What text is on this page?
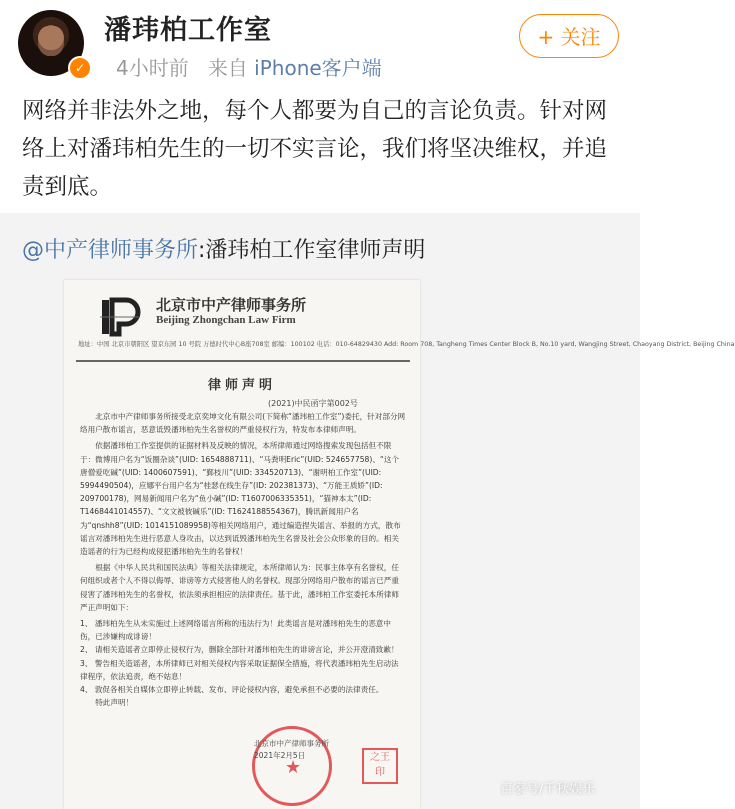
✓
潘玮柏工作室
4小时前 来自 iPhone客户端
+ 关注
网络并非法外之地，每个人都要为自己的言论负责。针对网络上对潘玮柏先生的一切不实言论，我们将坚决维权，并追责到底。
@中产律师事务所:潘玮柏工作室律师声明
北京市中产律师事务所
Beijing Zhongchan Law Firm
地址：中国 北京市朝阳区 望京东园 10 号院 万德时代中心B座708室 邮编：100102 电话：010-64829430 Add: Room 708, Tangheng Times Center Block B, No.10 yard, Wangjing Street, Chaoyang District, Beijing China
律师声明
(2021)中民函字第002号

北京市中产律师事务所接受北京奕坤文化有限公司(下简称“潘玮柏工作室”)委托，针对部分网络用户散布谣言，恶意诋毁潘玮柏先生名誉权的严重侵权行为，特发布本律师声明。

依据潘玮柏工作室提供的证据材料及反映的情况，本所律师通过网络搜索发现包括但不限于：微博用户名为“饭圈杂谈”(UID: 1654888711)、“马粪明Eric”(UID: 524657758)、“这个唐僧爱吃碱”(UID: 1400607591)、“鄞枝川”(UID: 334520713)、“谢明柏工作室”(UID: 5994490504)，应娜平台用户名为“桂瑟在线生存”(ID: 202381373)、“万能王质娇”(ID: 209700178)，网易新闻用户名为“鱼小碱”(ID: T1607006335351)，“猫神本太”(ID: T1468441014557)、“文文被彼碱乐”(ID: T1624188554367)，腾讯新闻用户名为“qnshh8”(UID: 1014151089958)等相关网络用户，通过编造捏失谣言、举报的方式，散布谣言对潘玮柏先生进行恶意人身攻击，以达到诋毁潘玮柏先生名誉及社会公众形象的目的。相关造谣者的行为已经构成侵犯潘玮柏先生的名誉权！

根据《中华人民共和国民法典》等相关法律规定，本所律师认为：民事主体享有名誉权，任何组织或者个人不得以侮辱、诽谤等方式侵害他人的名誉权。现部分网络用户散布的谣言已严重侵害了潘玮柏先生的名誉权，依法须承担相应的法律责任。基于此，潘玮柏工作室委托本所律师严正声明如下：

1、 潘玮柏先生从未实施过上述网络谣言所称的违法行为！此类谣言是对潘玮柏先生的恶意中伤，已涉嫌构成诽谤！
2、 请相关造谣者立即停止侵权行为，删除全部针对潘玮柏先生的诽谤言论，并公开澄清致歉！
3、 警告相关造谣者，本所律师已对相关侵权内容采取证据保全措施，将代表潘玮柏先生启动法律程序，依法追责，绝不姑息！
4、 敦促各相关自媒体立即停止转载、发布、评论侵权内容，避免承担不必要的法律责任。
特此声明！
★
北京市中产律师事务所
2021年2月5日	之王 印
百家号/千秋娱乐
